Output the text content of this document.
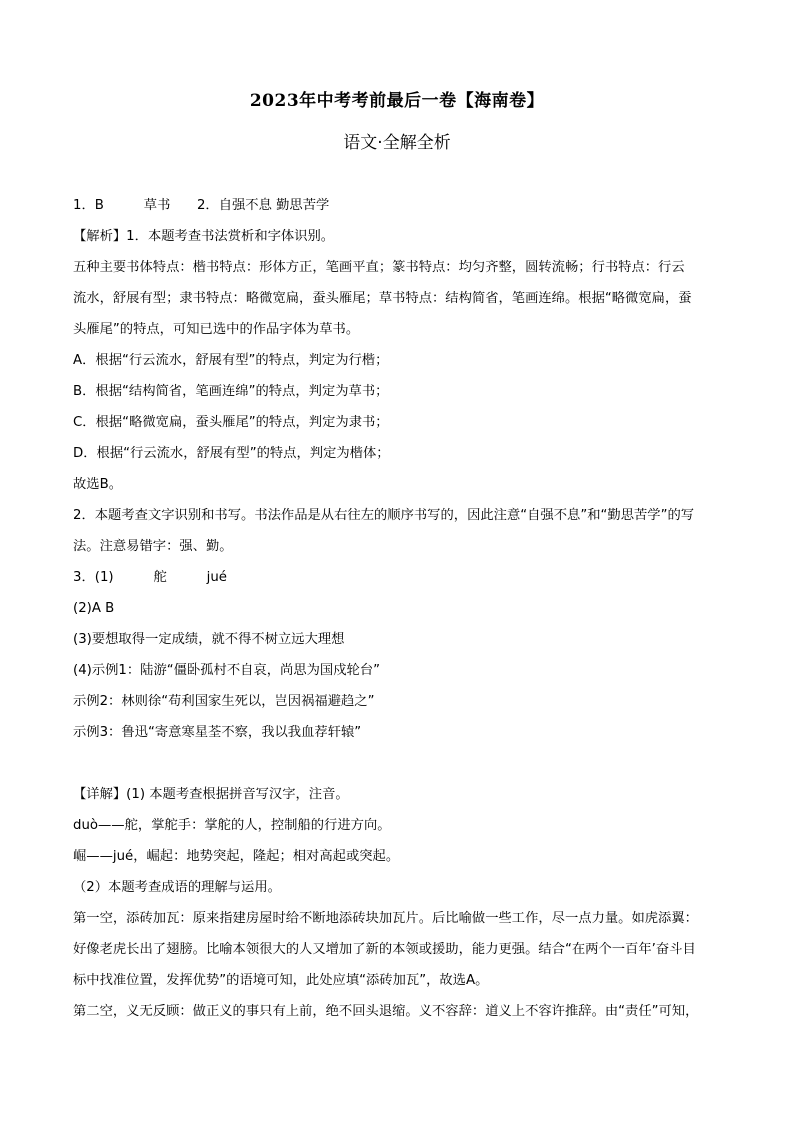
2023年中考考前最后一卷【海南卷】
语文·全解全析
1．B　　　草书　　2．自强不息 勤思苦学
【解析】1．本题考查书法赏析和字体识别。
五种主要书体特点：楷书特点：形体方正，笔画平直；篆书特点：均匀齐整，圆转流畅；行书特点：行云
流水，舒展有型；隶书特点：略微宽扁，蚕头雁尾；草书特点：结构简省，笔画连绵。根据“略微宽扁，蚕
头雁尾”的特点，可知已选中的作品字体为草书。
A．根据“行云流水，舒展有型”的特点，判定为行楷；
B．根据“结构简省，笔画连绵”的特点，判定为草书；
C．根据“略微宽扁，蚕头雁尾”的特点，判定为隶书；
D．根据“行云流水，舒展有型”的特点，判定为楷体；
故选B。
2．本题考查文字识别和书写。书法作品是从右往左的顺序书写的，因此注意“自强不息”和“勤思苦学”的写
法。注意易错字：强、勤。
3．(1)　　　舵　　　jué
(2)A B
(3)要想取得一定成绩，就不得不树立远大理想
(4)示例1：陆游“僵卧孤村不自哀，尚思为国戍轮台”
示例2：林则徐“苟利国家生死以，岂因祸福避趋之”
示例3：鲁迅“寄意寒星荃不察，我以我血荐轩辕”
【详解】(1) 本题考查根据拼音写汉字，注音。
duò——舵，掌舵手：掌舵的人，控制船的行进方向。
崛——jué，崛起：地势突起，隆起；相对高起或突起。
（2）本题考查成语的理解与运用。
第一空，添砖加瓦：原来指建房屋时给不断地添砖块加瓦片。后比喻做一些工作，尽一点力量。如虎添翼：
好像老虎长出了翅膀。比喻本领很大的人又增加了新的本领或援助，能力更强。结合“在两个一百年’奋斗目
标中找准位置，发挥优势”的语境可知，此处应填“添砖加瓦”，故选A。
第二空，义无反顾：做正义的事只有上前，绝不回头退缩。义不容辞：道义上不容许推辞。由“责任”可知，
